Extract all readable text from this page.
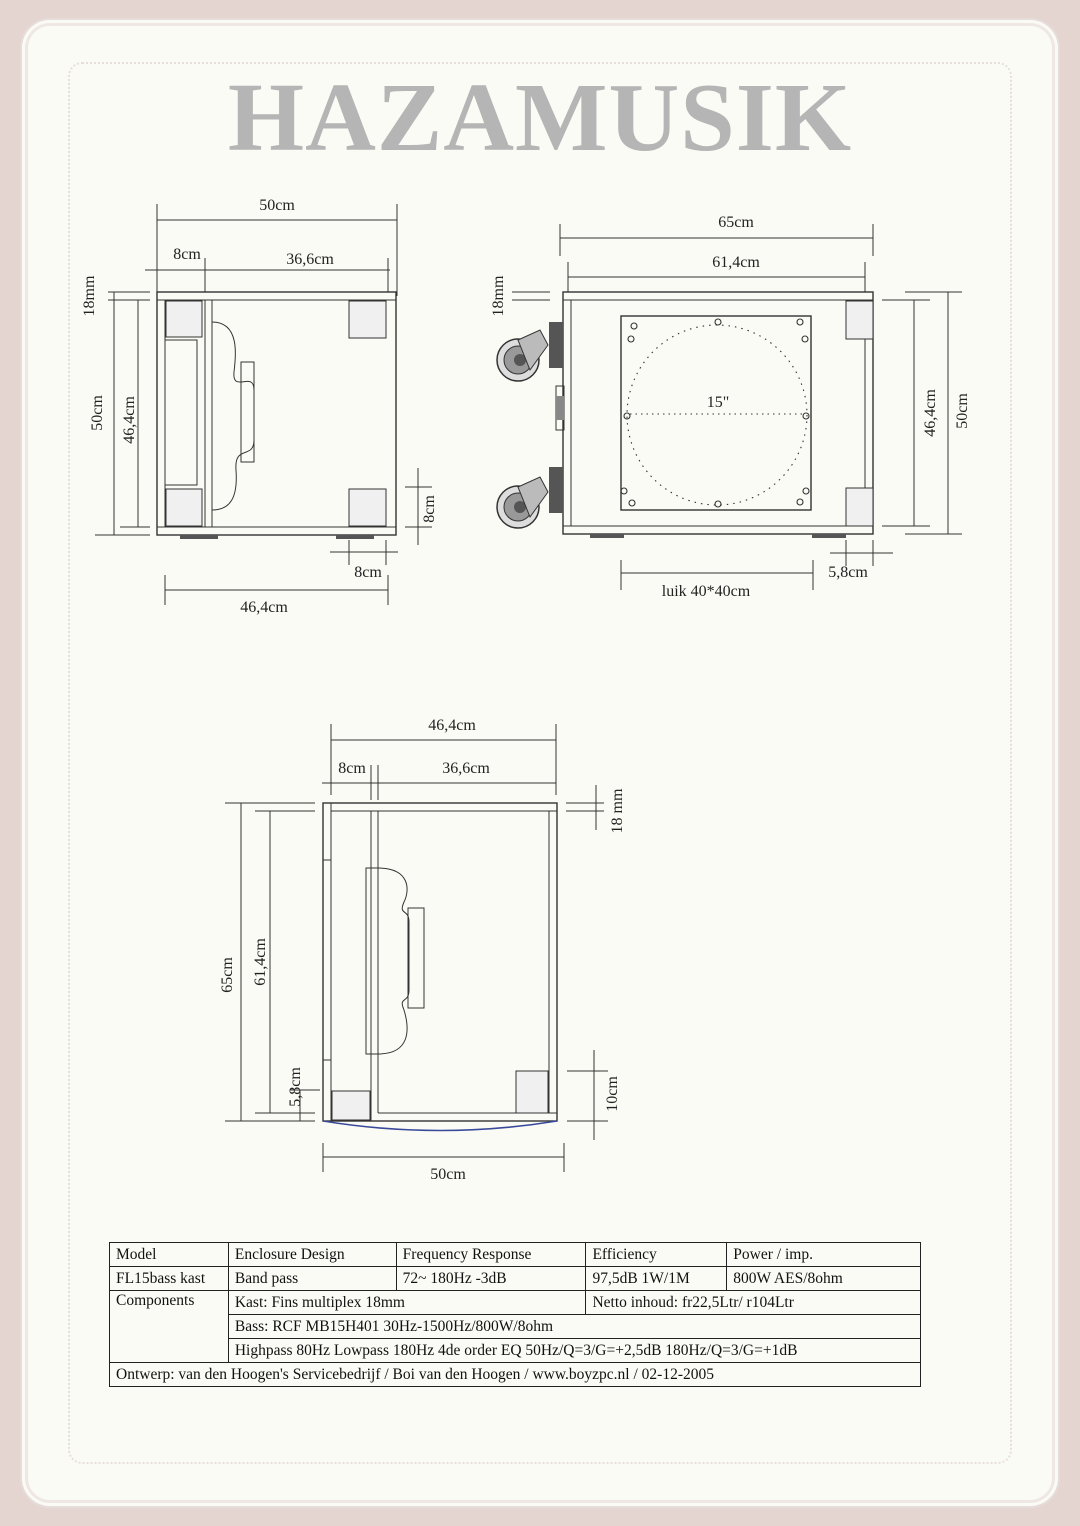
HAZAMUSIK
50cm
8cm	36,6cm
18mm
50cm 46,4cm
8cm
8cm
46,4cm
65cm
61,4cm
18mm
15"	46,4cm 50cm
luik 40*40cm
5,8cm
46,4cm
8cm	36,6cm
18 mm
65cm 61,4cm
5,8cm	10cm
50cm
Model	Enclosure Design	Frequency Response	Efficiency	Power / imp.
FL15bass kast	Band pass	72~ 180Hz -3dB	97,5dB 1W/1M	800W AES/8ohm
Components	Kast: Fins multiplex 18mm		Netto inhoud: fr22,5Ltr/ r104Ltr	
	Bass: RCF MB15H401 30Hz-1500Hz/800W/8ohm			
	Highpass 80Hz Lowpass 180Hz 4de order EQ 50Hz/Q=3/G=+2,5dB 180Hz/Q=3/G=+1dB			
Ontwerp: van den Hoogen's Servicebedrijf / Boi van den Hoogen / www.boyzpc.nl / 02-12-2005				
